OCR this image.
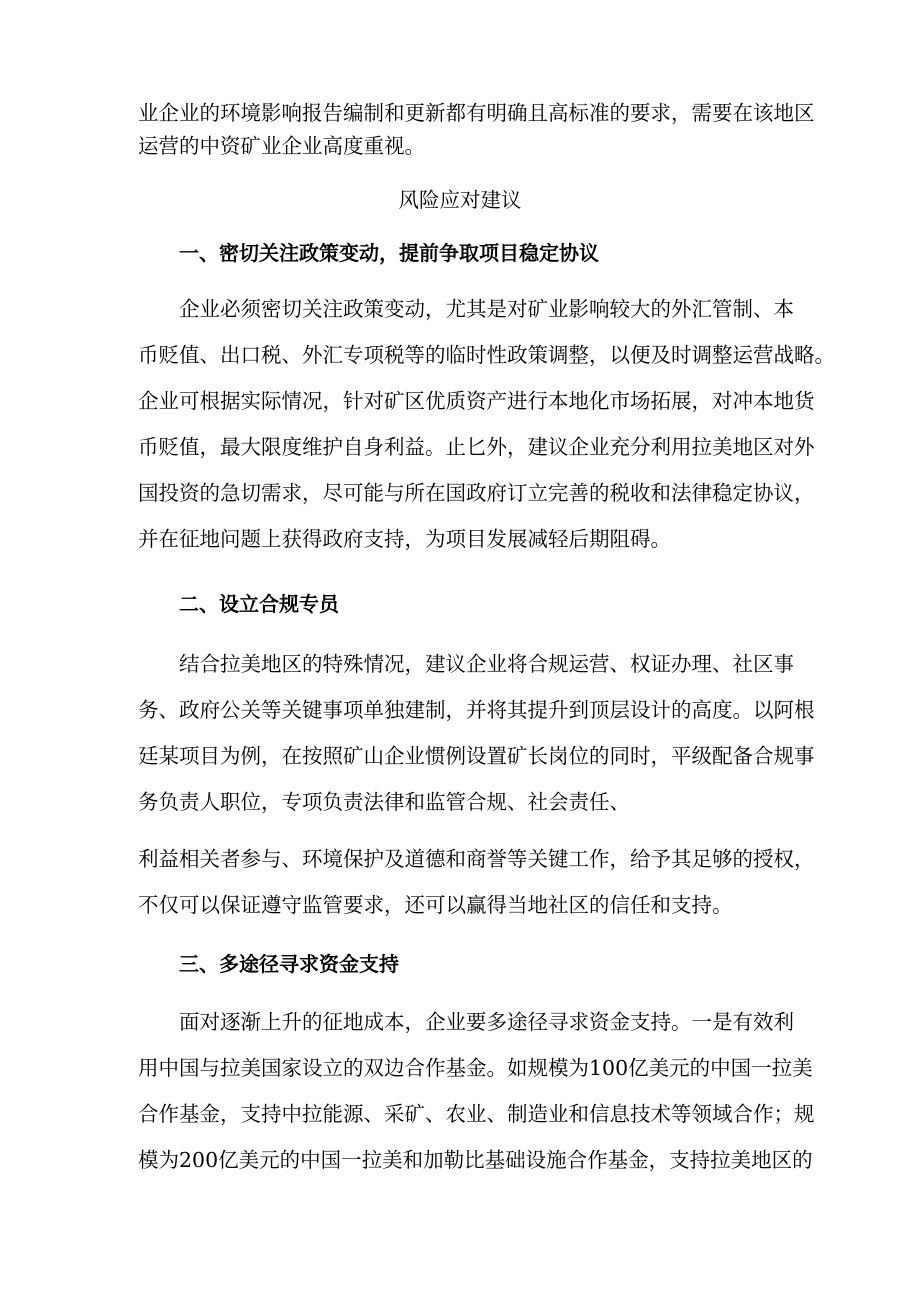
业企业的环境影响报告编制和更新都有明确且高标准的要求，需要在该地区
运营的中资矿业企业高度重视。
风险应对建议
一、密切关注政策变动，提前争取项目稳定协议
企业必须密切关注政策变动，尤其是对矿业影响较大的外汇管制、本
币贬值、出口税、外汇专项税等的临时性政策调整，以便及时调整运营战略。
企业可根据实际情况，针对矿区优质资产进行本地化市场拓展，对冲本地货
币贬值，最大限度维护自身利益。止匕外，建议企业充分利用拉美地区对外
国投资的急切需求，尽可能与所在国政府订立完善的税收和法律稳定协议，
并在征地问题上获得政府支持，为项目发展减轻后期阻碍。
二、设立合规专员
结合拉美地区的特殊情况，建议企业将合规运营、权证办理、社区事
务、政府公关等关键事项单独建制，并将其提升到顶层设计的高度。以阿根
廷某项目为例，在按照矿山企业惯例设置矿长岗位的同时，平级配备合规事
务负责人职位，专项负责法律和监管合规、社会责任、
利益相关者参与、环境保护及道德和商誉等关键工作，给予其足够的授权，
不仅可以保证遵守监管要求，还可以赢得当地社区的信任和支持。
三、多途径寻求资金支持
面对逐渐上升的征地成本，企业要多途径寻求资金支持。一是有效利
用中国与拉美国家设立的双边合作基金。如规模为100亿美元的中国一拉美
合作基金，支持中拉能源、采矿、农业、制造业和信息技术等领域合作；规
模为200亿美元的中国一拉美和加勒比基础设施合作基金，支持拉美地区的
